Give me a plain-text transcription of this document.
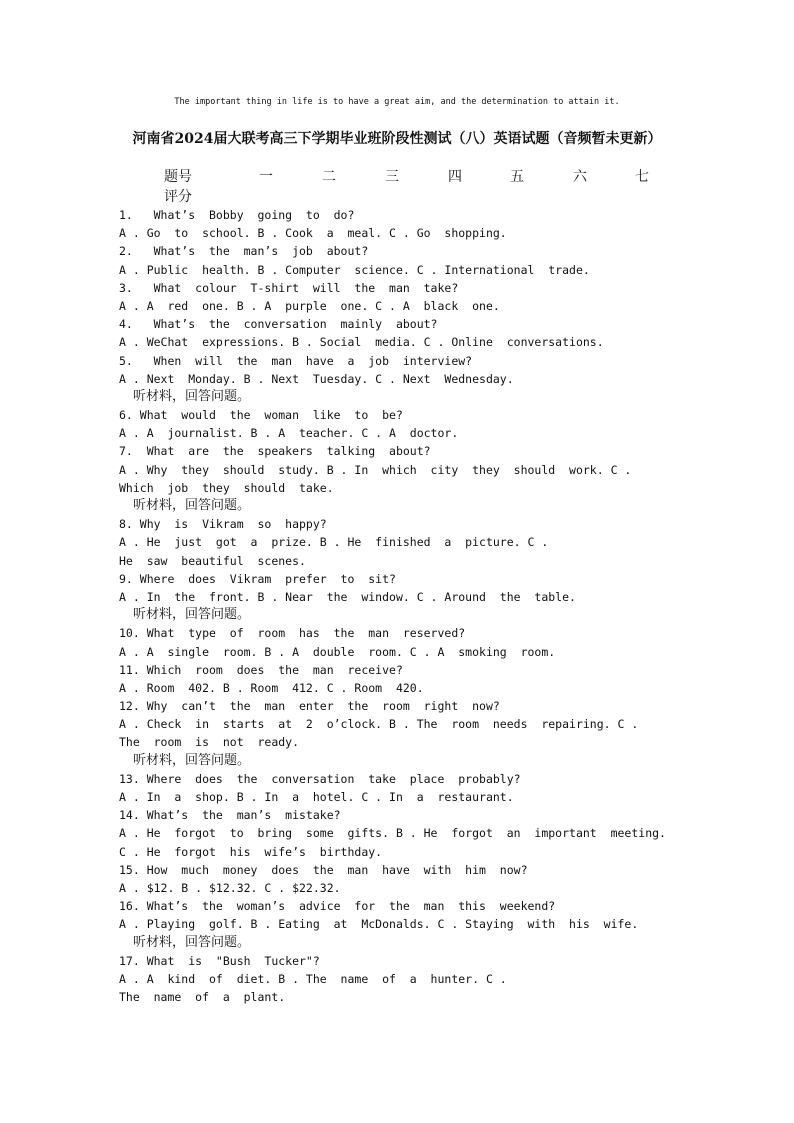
The important thing in life is to have a great aim, and the determination to attain it.
河南省2024届大联考高三下学期毕业班阶段性测试（八）英语试题（音频暂未更新）
题号	一	二	三	四	五	六	七
评分
1.   What’s  Bobby  going  to  do?
A . Go  to  school. B . Cook  a  meal. C . Go  shopping.
2.   What’s  the  man’s  job  about?
A . Public  health. B . Computer  science. C . International  trade.
3.   What  colour  T-shirt  will  the  man  take?
A . A  red  one. B . A  purple  one. C . A  black  one.
4.   What’s  the  conversation  mainly  about?
A . WeChat  expressions. B . Social  media. C . Online  conversations.
5.   When  will  the  man  have  a  job  interview?
A . Next  Monday. B . Next  Tuesday. C . Next  Wednesday.
听材料，回答问题。
6. What  would  the  woman  like  to  be?
A . A  journalist. B . A  teacher. C . A  doctor.
7.  What  are  the  speakers  talking  about?
A . Why  they  should  study. B . In  which  city  they  should  work. C .
Which  job  they  should  take.
听材料，回答问题。
8. Why  is  Vikram  so  happy?
A . He  just  got  a  prize. B . He  finished  a  picture. C .
He  saw  beautiful  scenes.
9. Where  does  Vikram  prefer  to  sit?
A . In  the  front. B . Near  the  window. C . Around  the  table.
听材料，回答问题。
10. What  type  of  room  has  the  man  reserved?
A . A  single  room. B . A  double  room. C . A  smoking  room.
11. Which  room  does  the  man  receive?
A . Room  402. B . Room  412. C . Room  420.
12. Why  can’t  the  man  enter  the  room  right  now?
A . Check  in  starts  at  2  o’clock. B . The  room  needs  repairing. C .
The  room  is  not  ready.
听材料，回答问题。
13. Where  does  the  conversation  take  place  probably?
A . In  a  shop. B . In  a  hotel. C . In  a  restaurant.
14. What’s  the  man’s  mistake?
A . He  forgot  to  bring  some  gifts. B . He  forgot  an  important  meeting.
C . He  forgot  his  wife’s  birthday.
15. How  much  money  does  the  man  have  with  him  now?
A . $12. B . $12.32. C . $22.32.
16. What’s  the  woman’s  advice  for  the  man  this  weekend?
A . Playing  golf. B . Eating  at  McDonalds. C . Staying  with  his  wife.
听材料，回答问题。
17. What  is  "Bush  Tucker"?
A . A  kind  of  diet. B . The  name  of  a  hunter. C .
The  name  of  a  plant.
